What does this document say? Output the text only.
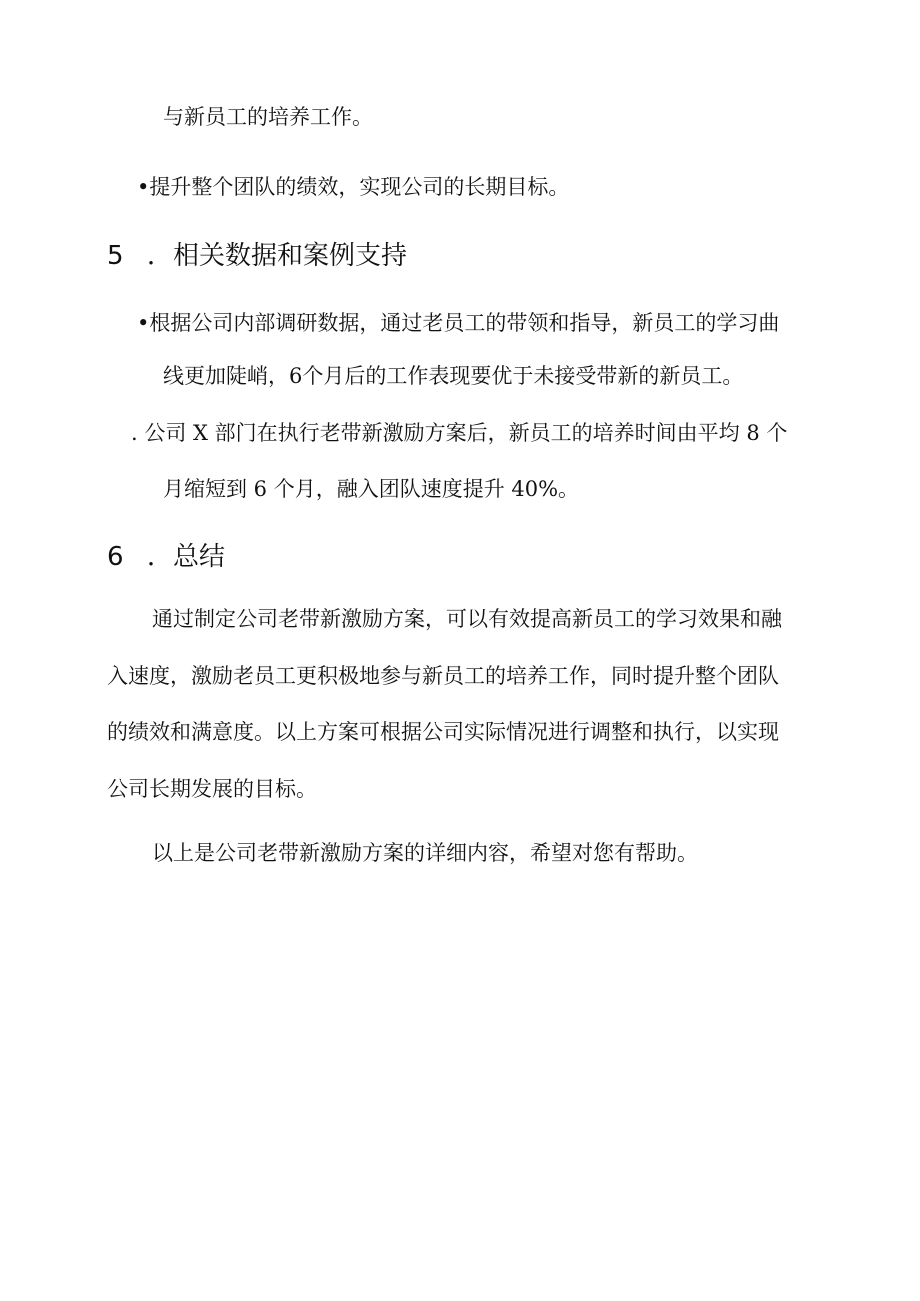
与新员工的培养工作。
•提升整个团队的绩效，实现公司的长期目标。
5 ．相关数据和案例支持
•根据公司内部调研数据，通过老员工的带领和指导，新员工的学习曲
线更加陡峭，6个月后的工作表现要优于未接受带新的新员工。
. 公司 X 部门在执行老带新激励方案后，新员工的培养时间由平均 8 个
月缩短到 6 个月，融入团队速度提升 40%。
6 ．总结
通过制定公司老带新激励方案，可以有效提高新员工的学习效果和融
入速度，激励老员工更积极地参与新员工的培养工作，同时提升整个团队
的绩效和满意度。以上方案可根据公司实际情况进行调整和执行，以实现
公司长期发展的目标。
以上是公司老带新激励方案的详细内容，希望对您有帮助。
